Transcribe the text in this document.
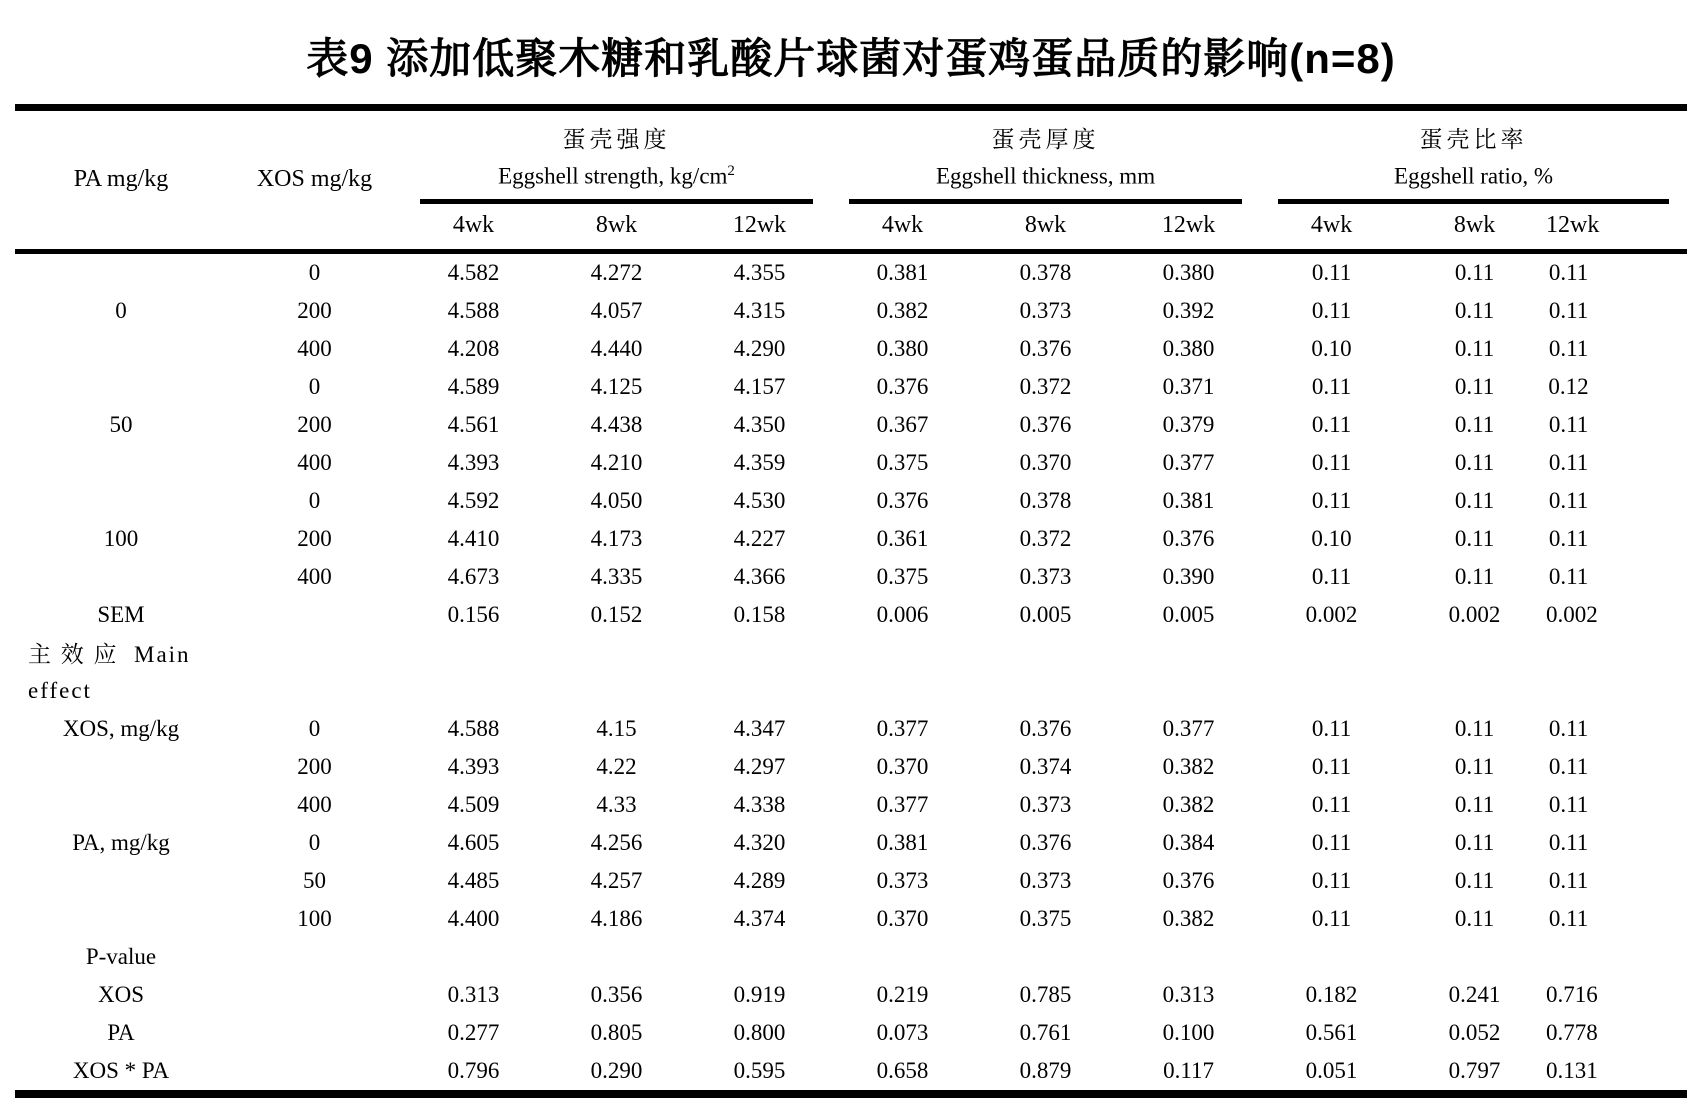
表9 添加低聚木糖和乳酸片球菌对蛋鸡蛋品质的影响(n=8)
PA mg/kg	XOS mg/kg	
蛋壳强度
Eggshell strength, $kg/cm^2$

蛋壳厚度
Eggshell thickness, mm

蛋壳比率
Eggshell ratio, %

		4wk	8wk	12wk	4wk	8wk	12wk	4wk	8wk	12wk
	0	4.582	4.272	4.355	0.381	0.378	0.380	0.11	0.11	0.11
0	200	4.588	4.057	4.315	0.382	0.373	0.392	0.11	0.11	0.11
	400	4.208	4.440	4.290	0.380	0.376	0.380	0.10	0.11	0.11
	0	4.589	4.125	4.157	0.376	0.372	0.371	0.11	0.11	0.12
50	200	4.561	4.438	4.350	0.367	0.376	0.379	0.11	0.11	0.11
	400	4.393	4.210	4.359	0.375	0.370	0.377	0.11	0.11	0.11
	0	4.592	4.050	4.530	0.376	0.378	0.381	0.11	0.11	0.11
100	200	4.410	4.173	4.227	0.361	0.372	0.376	0.10	0.11	0.11
	400	4.673	4.335	4.366	0.375	0.373	0.390	0.11	0.11	0.11
SEM		0.156	0.152	0.158	0.006	0.005	0.005	0.002	0.002	0.002
主 效 应  Main										
effect										
XOS, mg/kg	0	4.588	4.15	4.347	0.377	0.376	0.377	0.11	0.11	0.11
	200	4.393	4.22	4.297	0.370	0.374	0.382	0.11	0.11	0.11
	400	4.509	4.33	4.338	0.377	0.373	0.382	0.11	0.11	0.11
PA, mg/kg	0	4.605	4.256	4.320	0.381	0.376	0.384	0.11	0.11	0.11
	50	4.485	4.257	4.289	0.373	0.373	0.376	0.11	0.11	0.11
	100	4.400	4.186	4.374	0.370	0.375	0.382	0.11	0.11	0.11
P-value										
XOS		0.313	0.356	0.919	0.219	0.785	0.313	0.182	0.241	0.716
PA		0.277	0.805	0.800	0.073	0.761	0.100	0.561	0.052	0.778
XOS * PA		0.796	0.290	0.595	0.658	0.879	0.117	0.051	0.797	0.131
